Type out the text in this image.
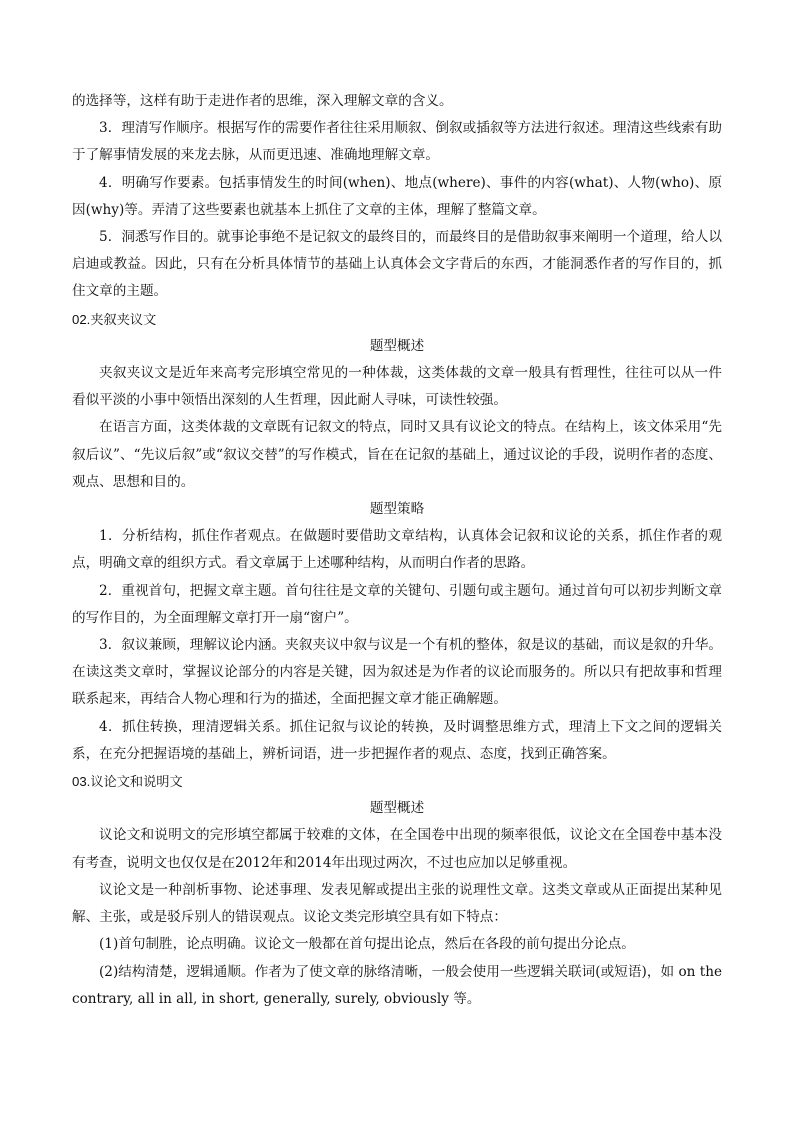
的选择等，这样有助于走进作者的思维，深入理解文章的含义。

3．理清写作顺序。根据写作的需要作者往往采用顺叙、倒叙或插叙等方法进行叙述。理清这些线索有助于了解事情发展的来龙去脉，从而更迅速、准确地理解文章。

4．明确写作要素。包括事情发生的时间(when)、地点(where)、事件的内容(what)、人物(who)、原因(why)等。弄清了这些要素也就基本上抓住了文章的主体，理解了整篇文章。

5．洞悉写作目的。就事论事绝不是记叙文的最终目的，而最终目的是借助叙事来阐明一个道理，给人以启迪或教益。因此，只有在分析具体情节的基础上认真体会文字背后的东西，才能洞悉作者的写作目的，抓住文章的主题。

02.夹叙夹议文

题型概述

夹叙夹议文是近年来高考完形填空常见的一种体裁，这类体裁的文章一般具有哲理性，往往可以从一件看似平淡的小事中领悟出深刻的人生哲理，因此耐人寻味，可读性较强。

在语言方面，这类体裁的文章既有记叙文的特点，同时又具有议论文的特点。在结构上，该文体采用“先叙后议”、“先议后叙”或“叙议交替”的写作模式，旨在在记叙的基础上，通过议论的手段，说明作者的态度、观点、思想和目的。

题型策略

1．分析结构，抓住作者观点。在做题时要借助文章结构，认真体会记叙和议论的关系，抓住作者的观点，明确文章的组织方式。看文章属于上述哪种结构，从而明白作者的思路。

2．重视首句，把握文章主题。首句往往是文章的关键句、引题句或主题句。通过首句可以初步判断文章的写作目的，为全面理解文章打开一扇“窗户”。

3．叙议兼顾，理解议论内涵。夹叙夹议中叙与议是一个有机的整体，叙是议的基础，而议是叙的升华。在读这类文章时，掌握议论部分的内容是关键，因为叙述是为作者的议论而服务的。所以只有把故事和哲理联系起来，再结合人物心理和行为的描述，全面把握文章才能正确解题。

4．抓住转换，理清逻辑关系。抓住记叙与议论的转换，及时调整思维方式，理清上下文之间的逻辑关系，在充分把握语境的基础上，辨析词语，进一步把握作者的观点、态度，找到正确答案。

03.议论文和说明文

题型概述

议论文和说明文的完形填空都属于较难的文体，在全国卷中出现的频率很低，议论文在全国卷中基本没有考查，说明文也仅仅是在2012年和2014年出现过两次，不过也应加以足够重视。

议论文是一种剖析事物、论述事理、发表见解或提出主张的说理性文章。这类文章或从正面提出某种见解、主张，或是驳斥别人的错误观点。议论文类完形填空具有如下特点：

(1)首句制胜，论点明确。议论文一般都在首句提出论点，然后在各段的前句提出分论点。

(2)结构清楚，逻辑通顺。作者为了使文章的脉络清晰，一般会使用一些逻辑关联词(或短语)，如 on the contrary, all in all, in short, generally, surely, obviously 等。
